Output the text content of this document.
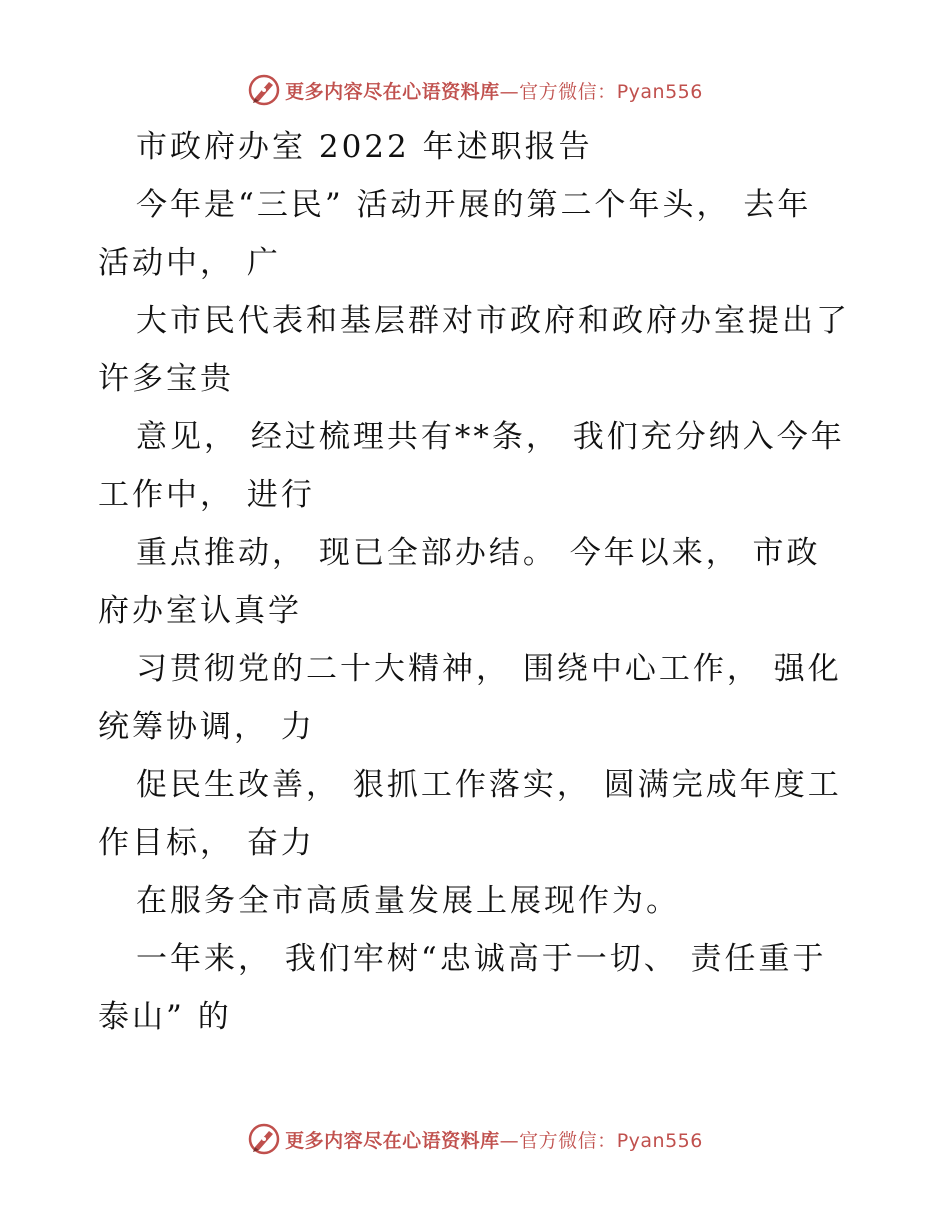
更多内容尽在心语资料库—官方微信：Pyan556
市政府办室 2022 年述职报告
今年是“三民” 活动开展的第二个年头， 去年
活动中， 广
大市民代表和基层群对市政府和政府办室提出了
许多宝贵
意见， 经过梳理共有**条， 我们充分纳入今年
工作中， 进行
重点推动， 现已全部办结。 今年以来， 市政
府办室认真学
习贯彻党的二十大精神， 围绕中心工作， 强化
统筹协调， 力
促民生改善， 狠抓工作落实， 圆满完成年度工
作目标， 奋力
在服务全市高质量发展上展现作为。
一年来， 我们牢树“忠诚高于一切、 责任重于
泰山” 的
更多内容尽在心语资料库—官方微信：Pyan556
